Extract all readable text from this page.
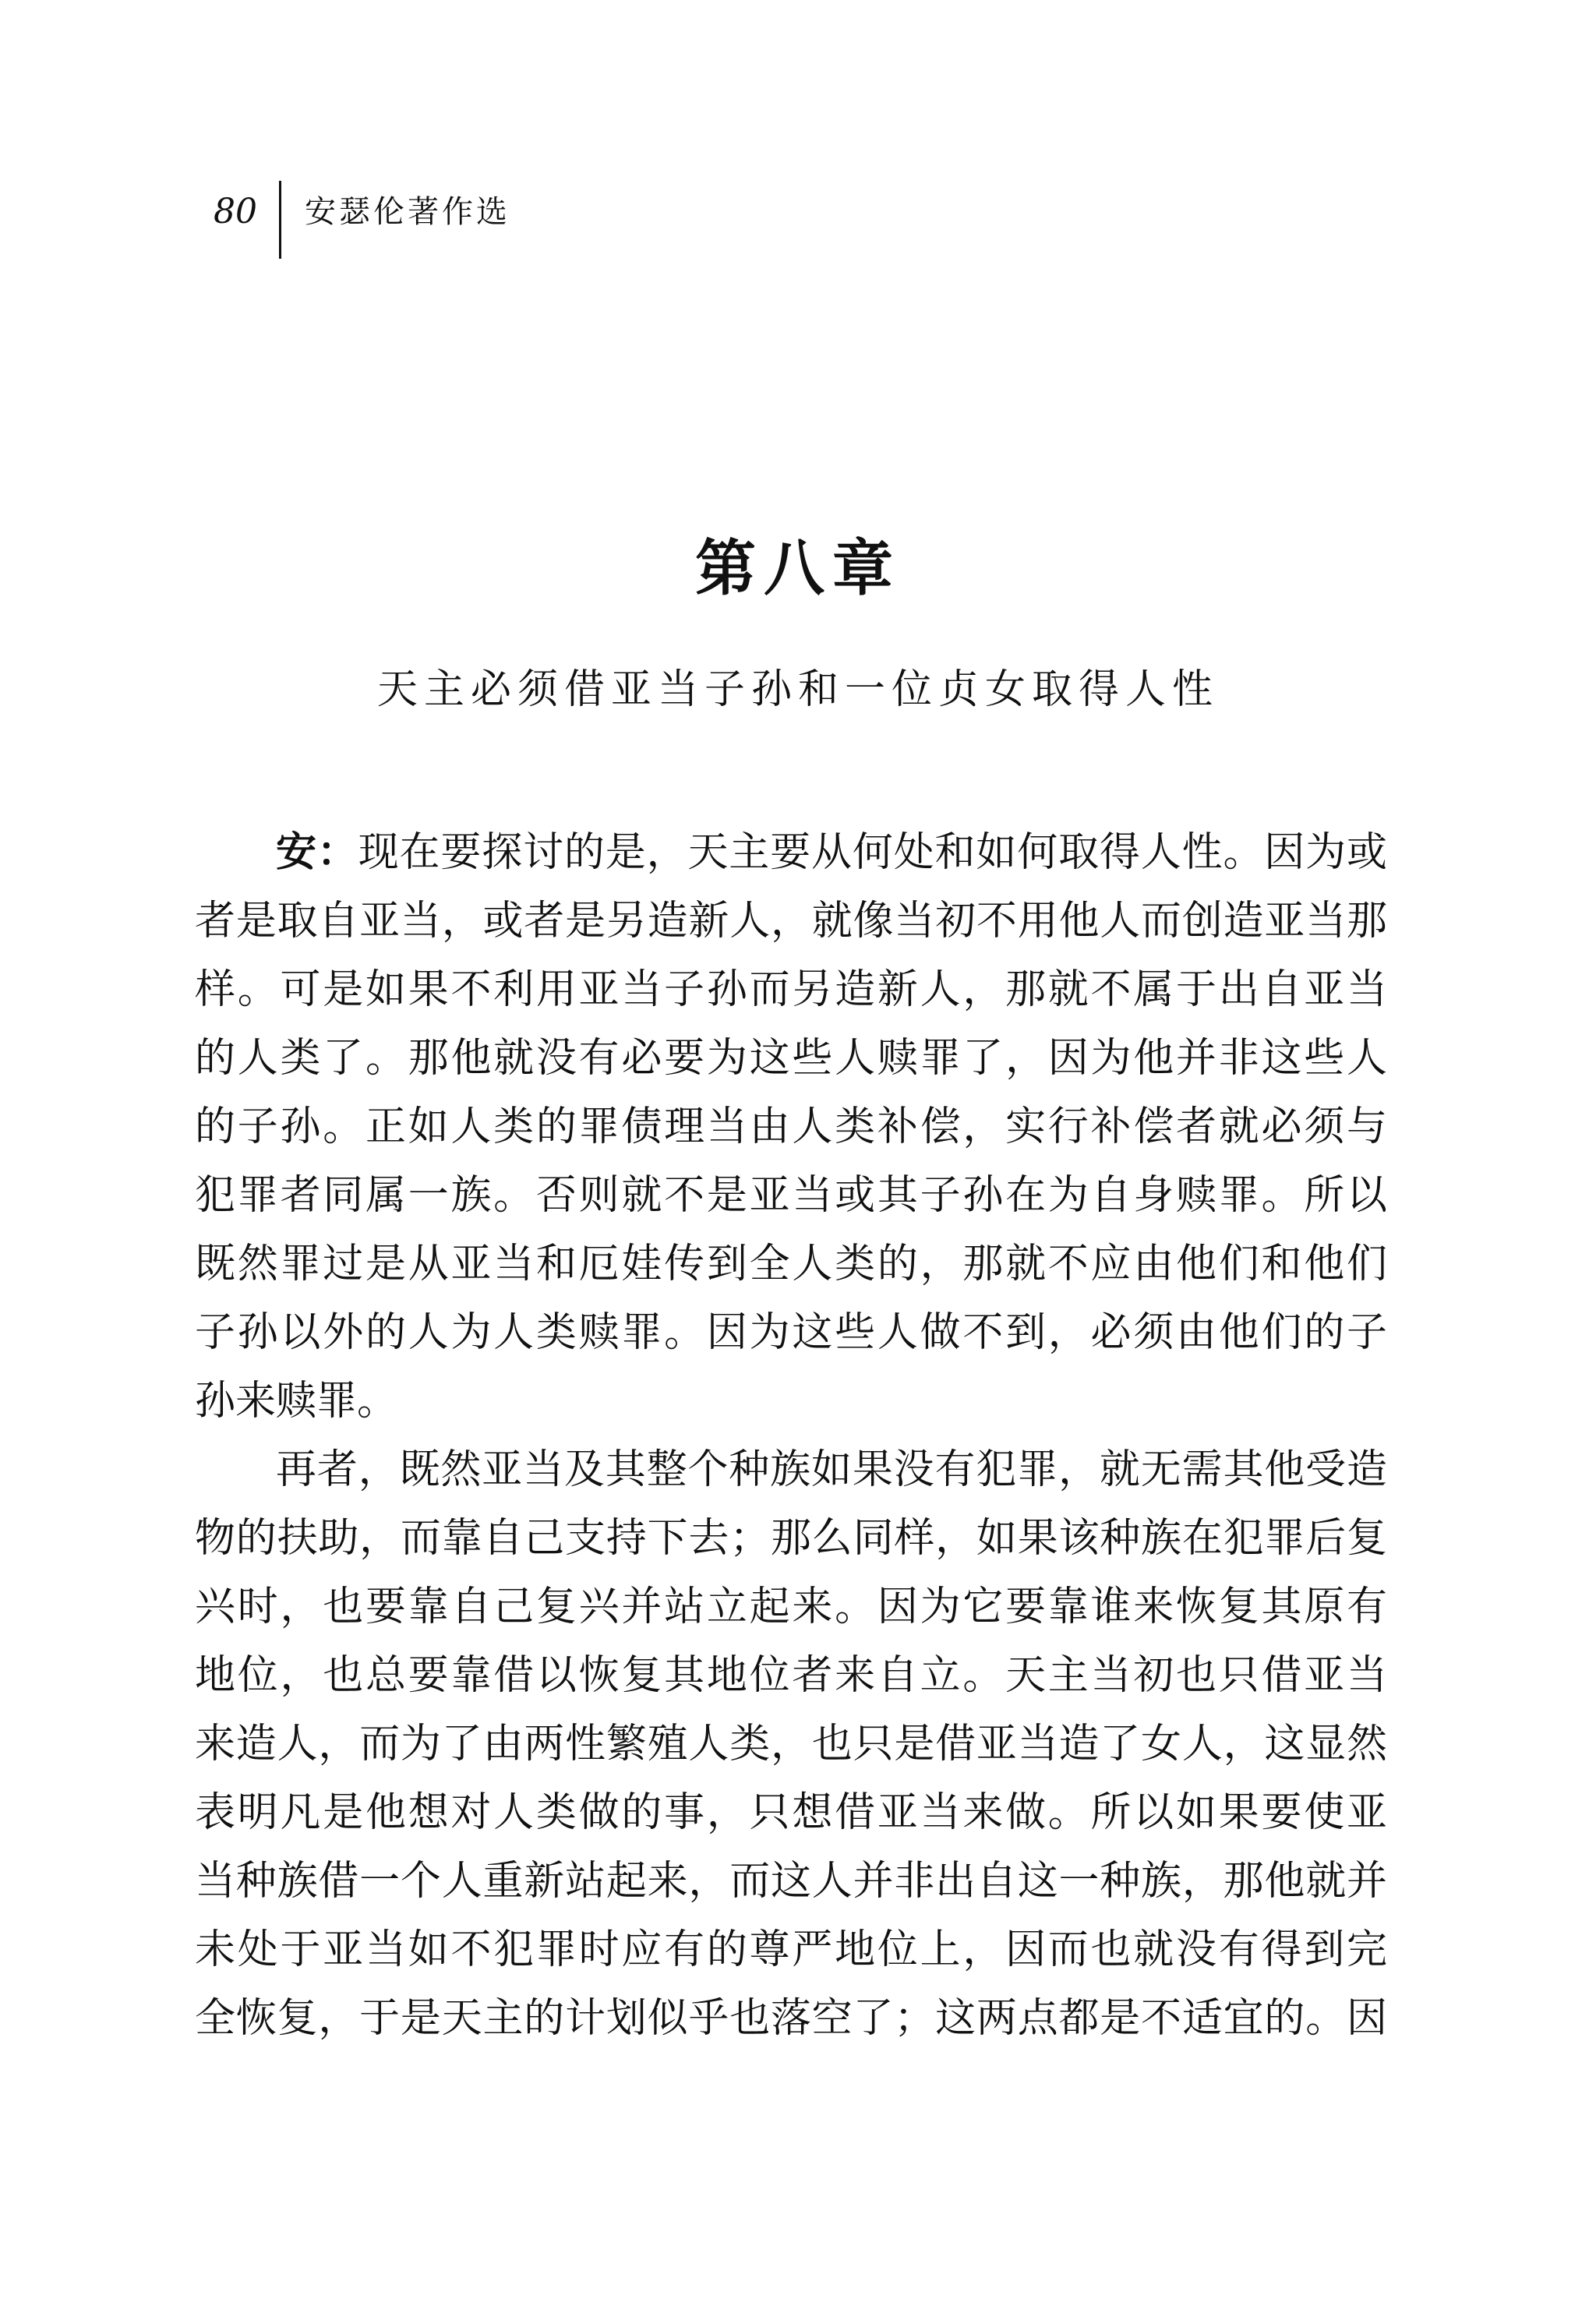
80 安瑟伦著作选
第八章
天主必须借亚当子孙和一位贞女取得人性
安：现在要探讨的是，天主要从何处和如何取得人性。因为或
者是取自亚当，或者是另造新人，就像当初不用他人而创造亚当那
样。可是如果不利用亚当子孙而另造新人，那就不属于出自亚当
的人类了。那他就没有必要为这些人赎罪了，因为他并非这些人
的子孙。正如人类的罪债理当由人类补偿，实行补偿者就必须与
犯罪者同属一族。否则就不是亚当或其子孙在为自身赎罪。所以
既然罪过是从亚当和厄娃传到全人类的，那就不应由他们和他们
子孙以外的人为人类赎罪。因为这些人做不到，必须由他们的子
孙来赎罪。
再者，既然亚当及其整个种族如果没有犯罪，就无需其他受造
物的扶助，而靠自己支持下去；那么同样，如果该种族在犯罪后复
兴时，也要靠自己复兴并站立起来。因为它要靠谁来恢复其原有
地位，也总要靠借以恢复其地位者来自立。天主当初也只借亚当
来造人，而为了由两性繁殖人类，也只是借亚当造了女人，这显然
表明凡是他想对人类做的事，只想借亚当来做。所以如果要使亚
当种族借一个人重新站起来，而这人并非出自这一种族，那他就并
未处于亚当如不犯罪时应有的尊严地位上，因而也就没有得到完
全恢复，于是天主的计划似乎也落空了；这两点都是不适宜的。因
